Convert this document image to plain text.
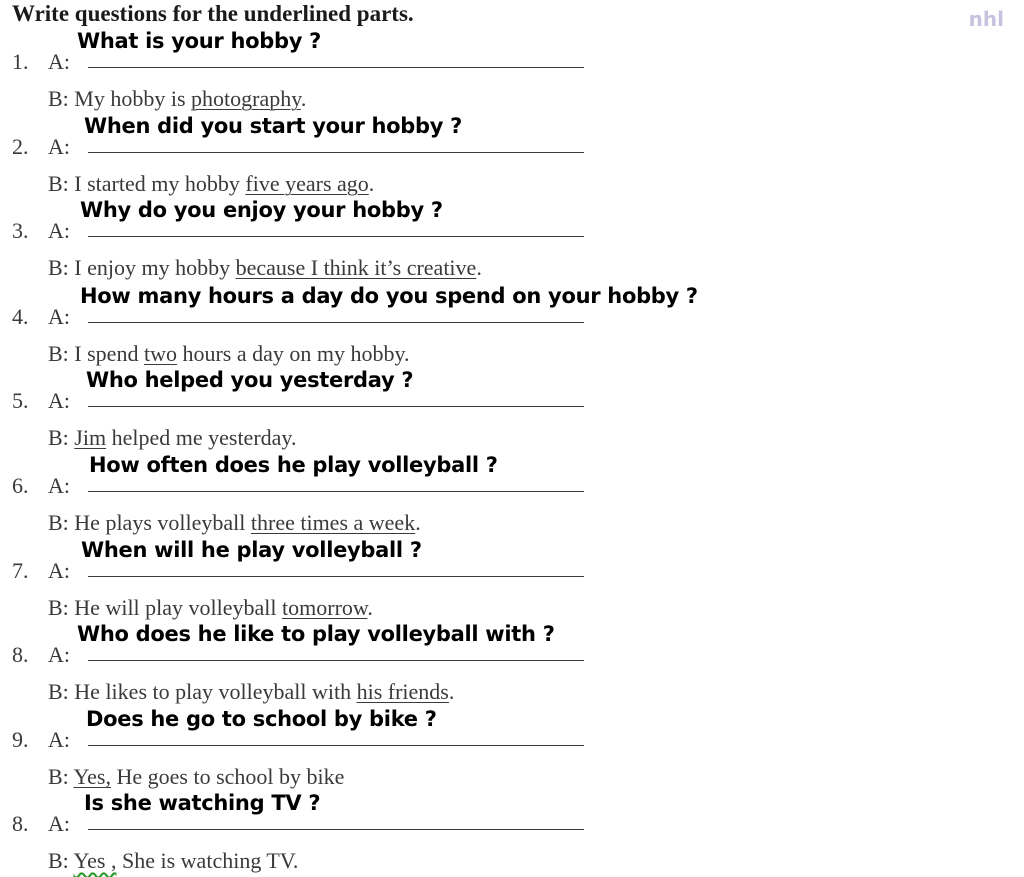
Write questions for the underlined parts.	nhl
1. A:
What is your hobby ?
B: My hobby is photography.
2. A:
When did you start your hobby ?
B: I started my hobby five years ago.
3. A:
Why do you enjoy your hobby ?
B: I enjoy my hobby because I think it’s creative.
4. A:
How many hours a day do you spend on your hobby ?
B: I spend two hours a day on my hobby.
5. A:
Who helped you yesterday ?
B: Jim helped me yesterday.
6. A:
How often does he play volleyball ?
B: He plays volleyball three times a week.
7. A:
When will he play volleyball ?
B: He will play volleyball tomorrow.
8. A:
Who does he like to play volleyball with ?
B: He likes to play volleyball with his friends.
9. A:
Does he go to school by bike ?
B: Yes, He goes to school by bike
8. A:
Is she watching TV ?
B: Yes , She is watching TV.
